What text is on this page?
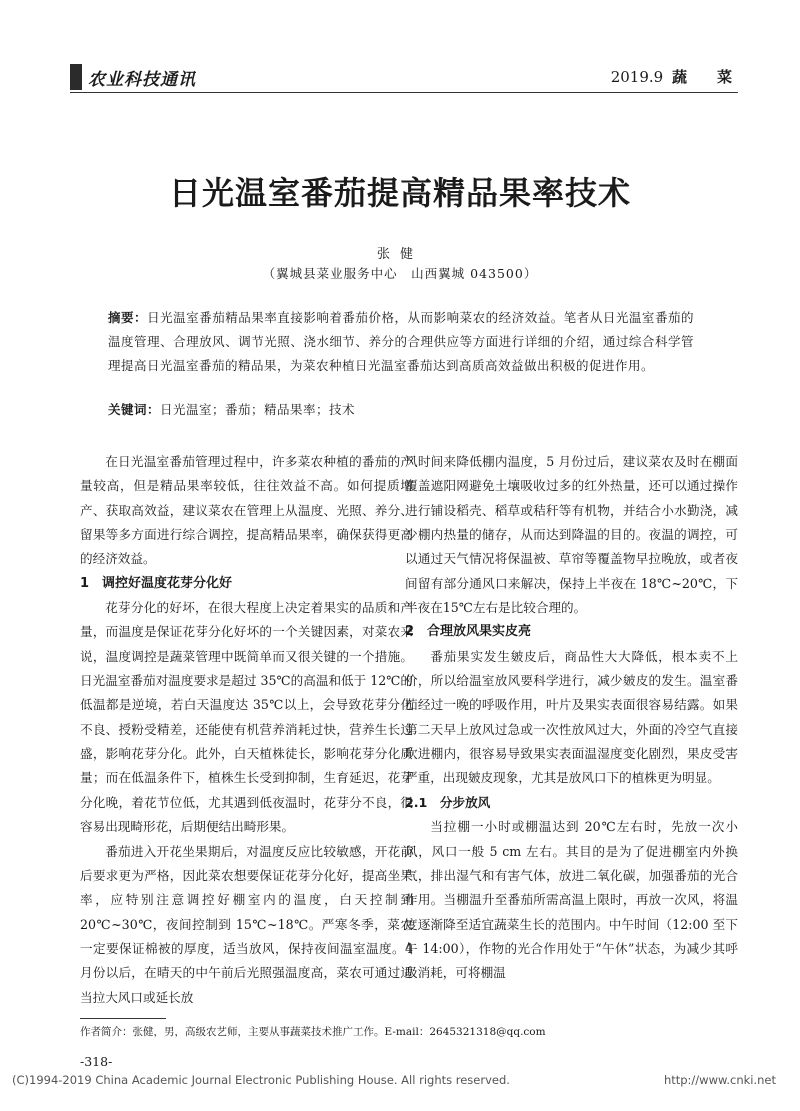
农业科技通讯	2019.9 蔬　　菜
日光温室番茄提高精品果率技术
张健
（翼城县菜业服务中心　山西翼城 043500）
摘要：日光温室番茄精品果率直接影响着番茄价格，从而影响菜农的经济效益。笔者从日光温室番茄的温度管理、合理放风、调节光照、浇水细节、养分的合理供应等方面进行详细的介绍，通过综合科学管理提高日光温室番茄的精品果，为菜农种植日光温室番茄达到高质高效益做出积极的促进作用。
关键词：日光温室；番茄；精品果率；技术

在日光温室番茄管理过程中，许多菜农种植的番茄的产量较高，但是精品果率较低，往往效益不高。如何提质增产、获取高效益，建议菜农在管理上从温度、光照、养分、留果等多方面进行综合调控，提高精品果率，确保获得更高的经济效益。

1　调控好温度花芽分化好

花芽分化的好坏，在很大程度上决定着果实的品质和产量，而温度是保证花芽分化好坏的一个关键因素，对菜农来说，温度调控是蔬菜管理中既简单而又很关键的一个措施。日光温室番茄对温度要求是超过 35℃的高温和低于 12℃的低温都是逆境，若白天温度达 35℃以上，会导致花芽分化不良、授粉受精差，还能使有机营养消耗过快，营养生长过盛，影响花芽分化。此外，白天植株徒长，影响花芽分化质量；而在低温条件下，植株生长受到抑制，生育延迟，花芽分化晚，着花节位低，尤其遇到低夜温时，花芽分不良，很容易出现畸形花，后期便结出畸形果。

番茄进入开花坐果期后，对温度反应比较敏感，开花前后要求更为严格，因此菜农想要保证花芽分化好，提高坐果率，应特别注意调控好棚室内的温度，白天控制到 20℃~30℃，夜间控制到 15℃~18℃。严寒冬季，菜农一定要保证棉被的厚度，适当放风，保持夜间温室温度。4 月份以后，在晴天的中午前后光照强温度高，菜农可通过适当拉大风口或延长放

风时间来降低棚内温度，5 月份过后，建议菜农及时在棚面覆盖遮阳网避免土壤吸收过多的红外热量，还可以通过操作进行铺设稻壳、稻草或秸秆等有机物，并结合小水勤浇，减少棚内热量的储存，从而达到降温的目的。夜温的调控，可以通过天气情况将保温被、草帘等覆盖物早拉晚放，或者夜间留有部分通风口来解决，保持上半夜在 18℃~20℃，下半夜在15℃左右是比较合理的。

2　合理放风果实皮亮

番茄果实发生皴皮后，商品性大大降低，根本卖不上价，所以给温室放风要科学进行，减少皴皮的发生。温室番茄经过一晚的呼吸作用，叶片及果实表面很容易结露。如果第二天早上放风过急或一次性放风过大，外面的冷空气直接吹进棚内，很容易导致果实表面温湿度变化剧烈，果皮受害严重，出现皴皮现象，尤其是放风口下的植株更为明显。

2.1　分步放风

当拉棚一小时或棚温达到 20℃左右时，先放一次小风，风口一般 5 cm 左右。其目的是为了促进棚室内外换气，排出湿气和有害气体，放进二氧化碳，加强番茄的光合作用。当棚温升至番茄所需高温上限时，再放一次风，将温度逐渐降至适宜蔬菜生长的范围内。中午时间（12:00 至下午 14:00），作物的光合作用处于“午休”状态，为减少其呼吸消耗，可将棚温

作者简介：张健，男，高级农艺师，主要从事蔬菜技术推广工作。E-mail：2645321318@qq.com
-318-
(C)1994-2019 China Academic Journal Electronic Publishing House. All rights reserved.	http://www.cnki.net
